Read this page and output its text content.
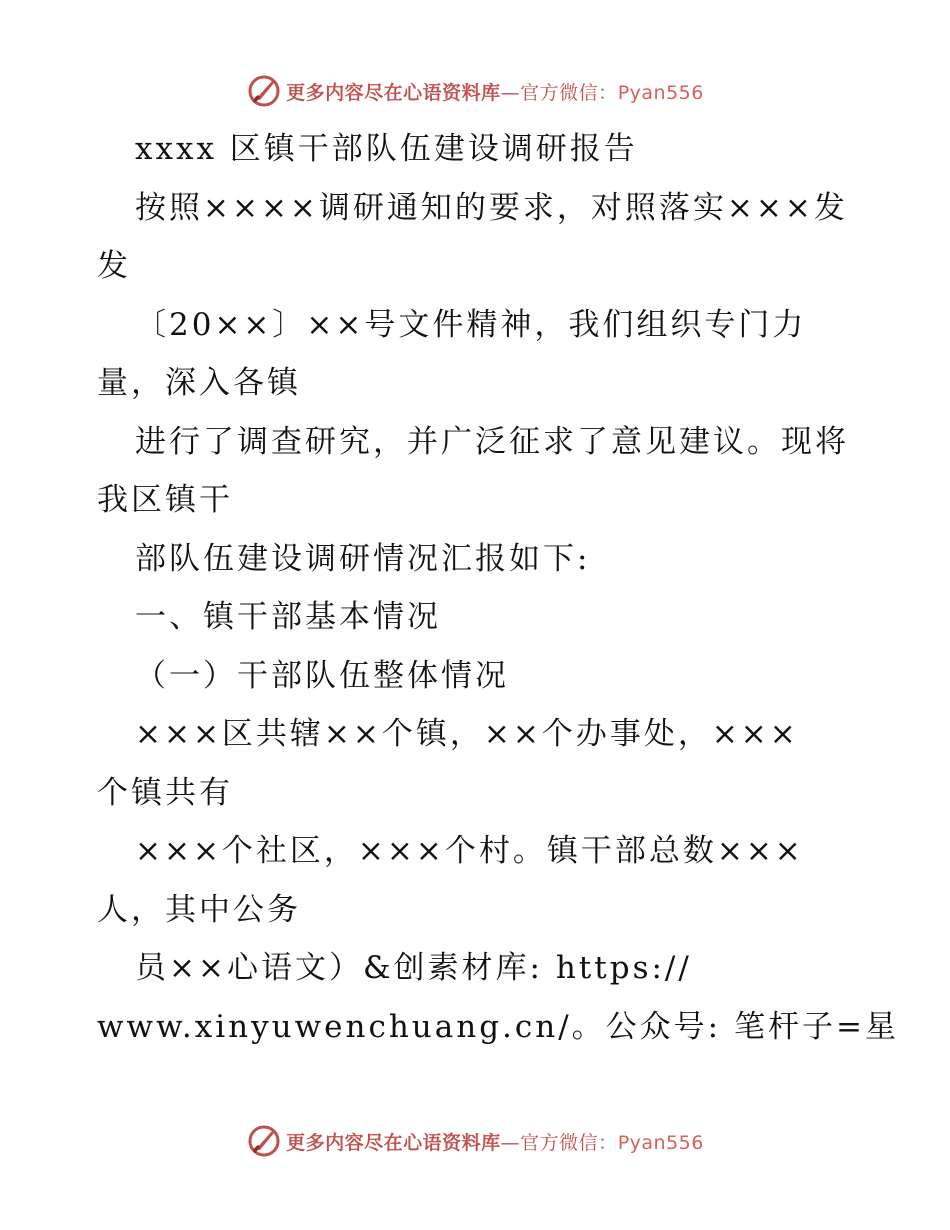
更多内容尽在心语资料库—官方微信：Pyan556
xxxx 区镇干部队伍建设调研报告
按照××××调研通知的要求，对照落实×××发
发
〔20××〕××号文件精神，我们组织专门力
量，深入各镇
进行了调查研究，并广泛征求了意见建议。现将
我区镇干
部队伍建设调研情况汇报如下:
一、镇干部基本情况
（一）干部队伍整体情况
×××区共辖××个镇，××个办事处，×××
个镇共有
×××个社区，×××个村。镇干部总数×××
人，其中公务
员××心语文）&创素材库: https://
www.xinyuwenchuang.cn/。公众号: 笔杆子=星
更多内容尽在心语资料库—官方微信：Pyan556
